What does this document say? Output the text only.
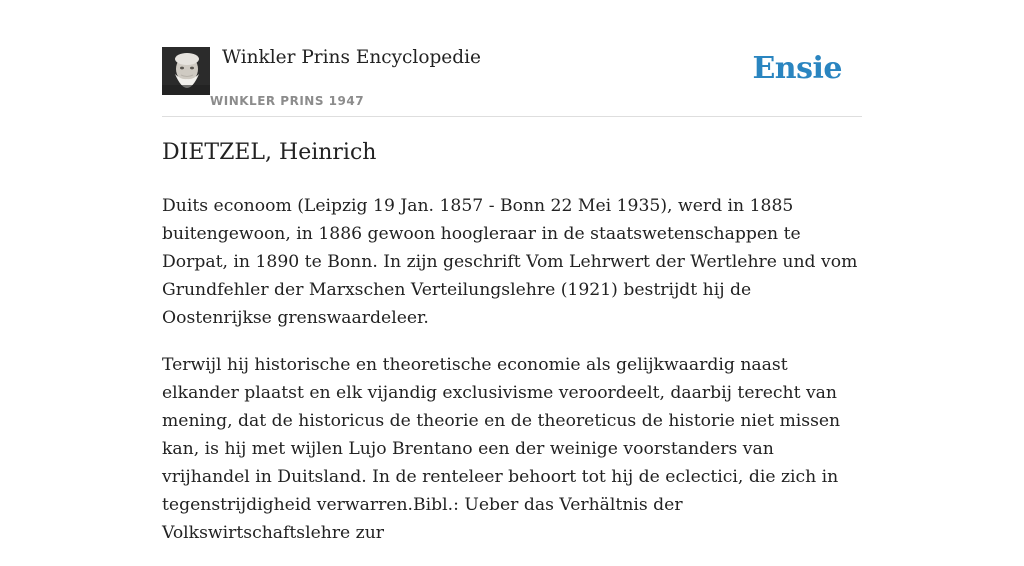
Winkler Prins Encyclopedie
WINKLER PRINS 1947
Ensie
DIETZEL, Heinrich

Duits econoom (Leipzig 19 Jan. 1857 - Bonn 22 Mei 1935), werd in 1885 buitengewoon, in 1886 gewoon hoogleraar in de staatswetenschappen te Dorpat, in 1890 te Bonn. In zijn geschrift Vom Lehrwert der Wertlehre und vom Grundfehler der Marxschen Verteilungslehre (1921) bestrijdt hij de Oostenrijkse grenswaardeleer.

Terwijl hij historische en theoretische economie als gelijkwaardig naast elkander plaatst en elk vijandig exclusivisme veroordeelt, daarbij terecht van mening, dat de historicus de theorie en de theoreticus de historie niet missen kan, is hij met wijlen Lujo Brentano een der weinige voorstanders van vrijhandel in Duitsland. In de renteleer behoort tot hij de eclectici, die zich in tegenstrijdigheid verwarren.Bibl.: Ueber das Verhältnis der Volkswirtschaftslehre zur
